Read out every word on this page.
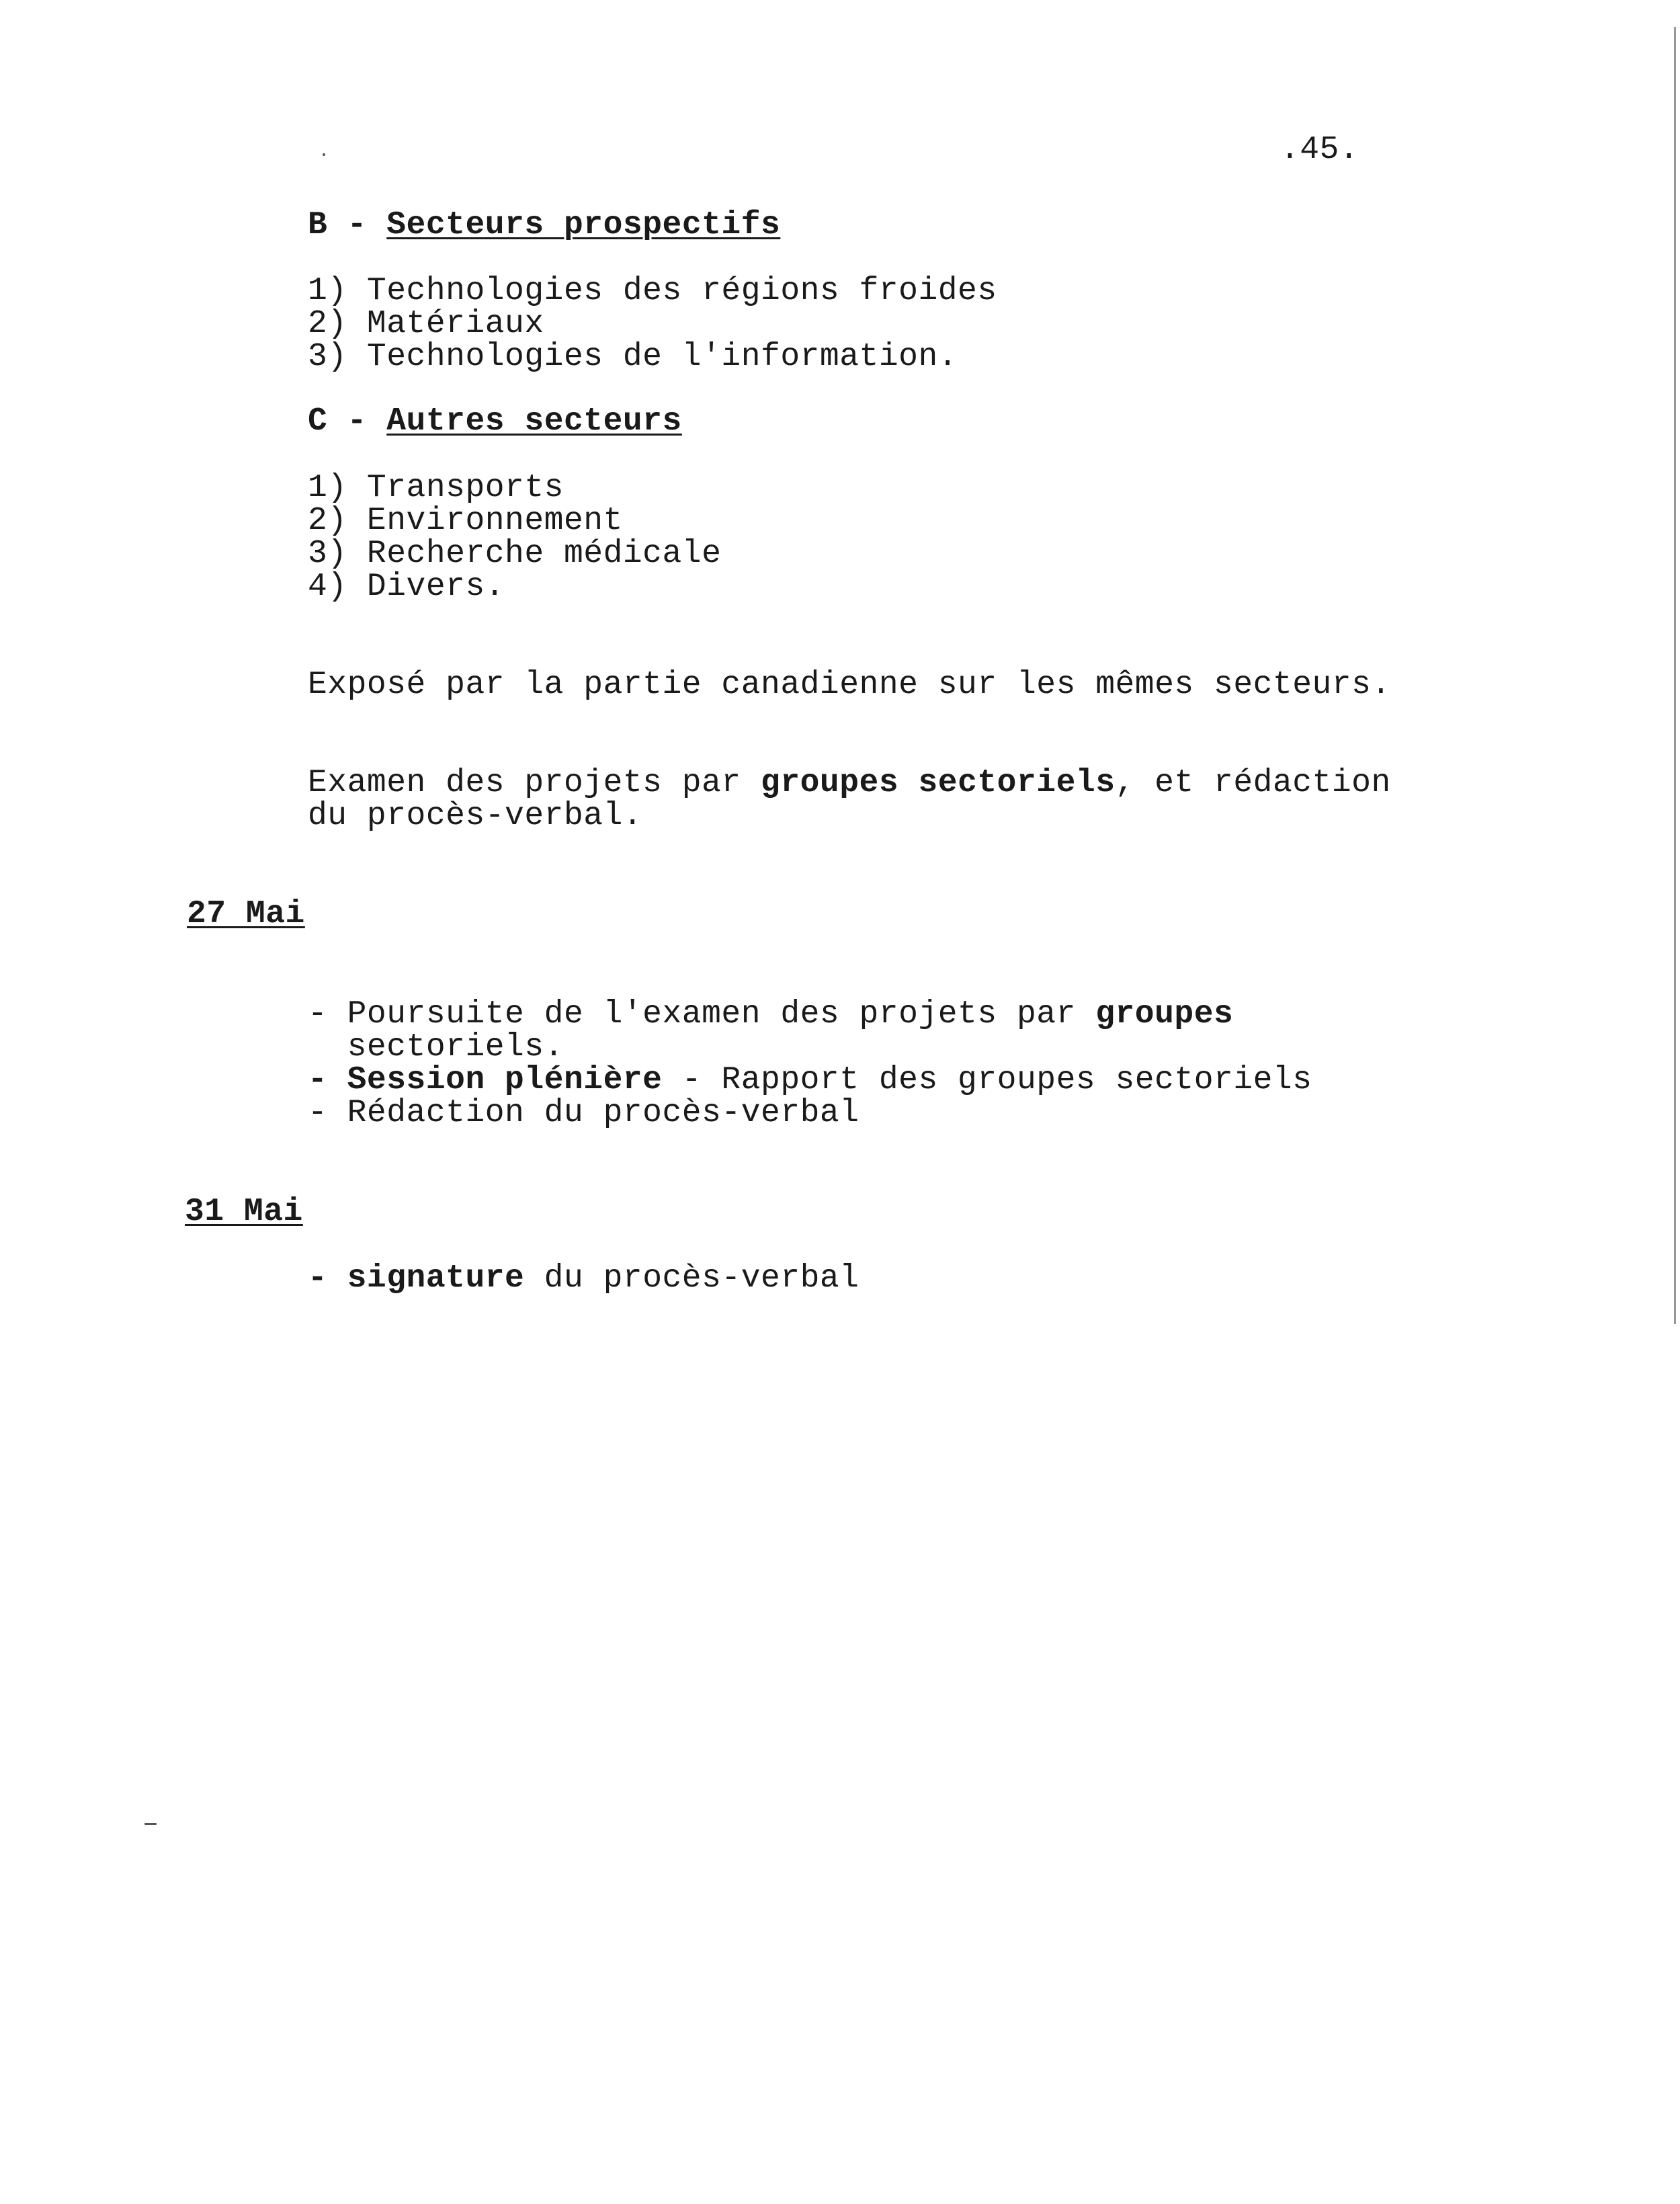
.45.
B - Secteurs prospectifs
1) Technologies des régions froides
2) Matériaux
3) Technologies de l'information.
C - Autres secteurs
1) Transports
2) Environnement
3) Recherche médicale
4) Divers.
Exposé par la partie canadienne sur les mêmes secteurs.
Examen des projets par groupes sectoriels, et rédaction
du procès-verbal.
27 Mai
- Poursuite de l'examen des projets par groupes
sectoriels.
- Session plénière - Rapport des groupes sectoriels
- Rédaction du procès-verbal
31 Mai
- signature du procès-verbal
